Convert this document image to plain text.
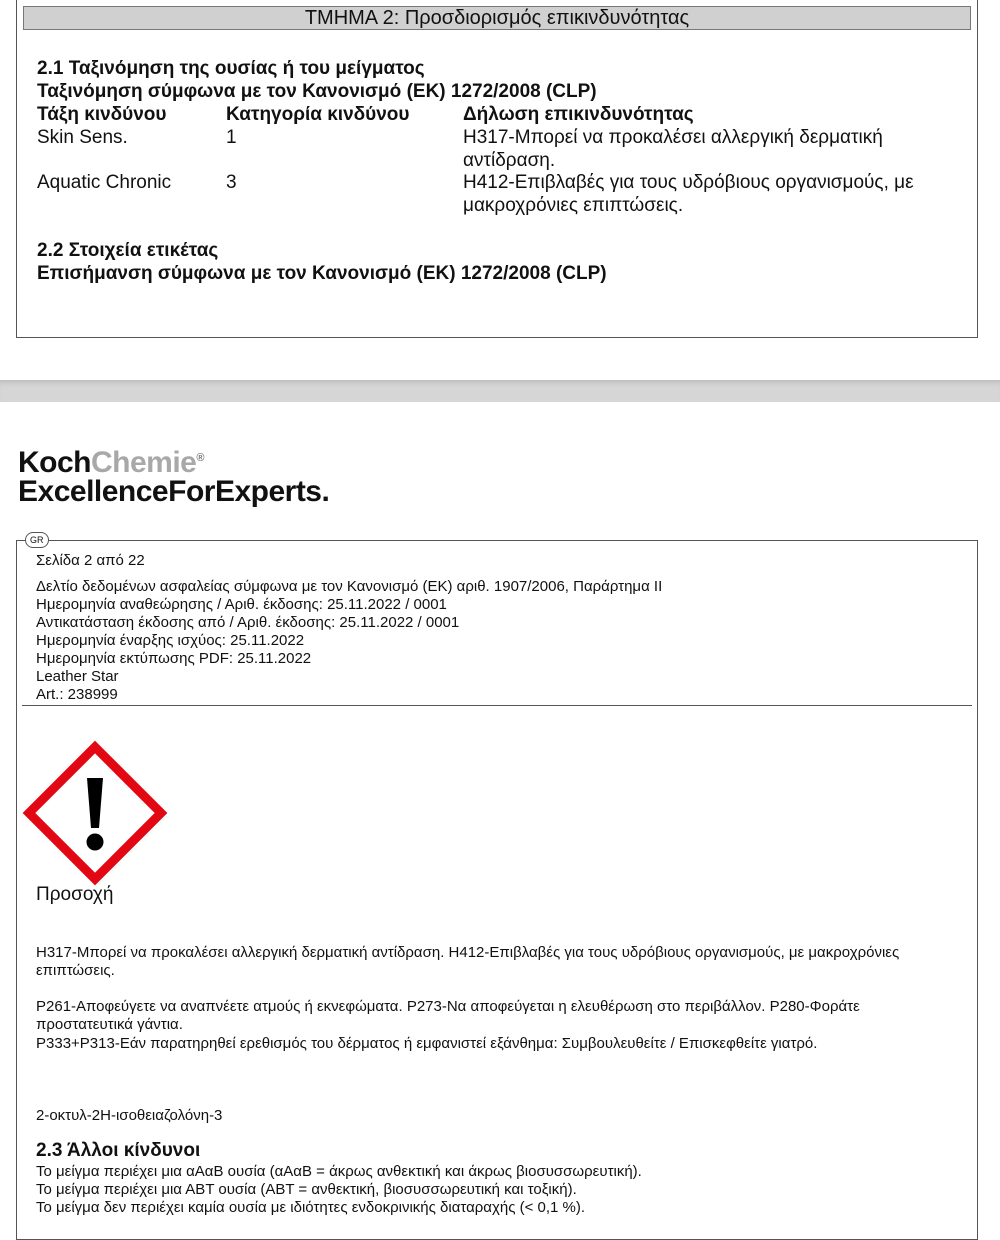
ΤΜΗΜΑ 2: Προσδιορισμός επικινδυνότητας
2.1 Ταξινόμηση της ουσίας ή του μείγματος
Ταξινόμηση σύμφωνα με τον Κανονισμό (ΕΚ) 1272/2008 (CLP)
Τάξη κινδύνου	Κατηγορία κινδύνου	Δήλωση επικινδυνότητας
Skin Sens.	1	H317-Μπορεί να προκαλέσει αλλεργική δερματική
αντίδραση.
Aquatic Chronic	3	H412-Επιβλαβές για τους υδρόβιους οργανισμούς, με
μακροχρόνιες επιπτώσεις.
2.2 Στοιχεία ετικέτας
Επισήμανση σύμφωνα με τον Κανονισμό (ΕΚ) 1272/2008 (CLP)
KochChemie®
ExcellenceForExperts.
GR
Σελίδα 2 από 22
Δελτίο δεδομένων ασφαλείας σύμφωνα με τον Κανονισμό (ΕΚ) αριθ. 1907/2006, Παράρτημα II
Ημερομηνία αναθεώρησης / Αριθ. έκδοσης: 25.11.2022 / 0001
Αντικατάσταση έκδοσης από / Αριθ. έκδοσης: 25.11.2022 / 0001
Ημερομηνία έναρξης ισχύος: 25.11.2022
Ημερομηνία εκτύπωσης PDF: 25.11.2022
Leather Star
Art.: 238999
Προσοχή
H317-Μπορεί να προκαλέσει αλλεργική δερματική αντίδραση. H412-Επιβλαβές για τους υδρόβιους οργανισμούς, με μακροχρόνιες
επιπτώσεις.
P261-Αποφεύγετε να αναπνέετε ατμούς ή εκνεφώματα. P273-Να αποφεύγεται η ελευθέρωση στο περιβάλλον. P280-Φοράτε
προστατευτικά γάντια.
P333+P313-Εάν παρατηρηθεί ερεθισμός του δέρματος ή εμφανιστεί εξάνθημα: Συμβουλευθείτε / Επισκεφθείτε γιατρό.
2-οκτυλ-2Η-ισοθειαζολόνη-3
2.3 Άλλοι κίνδυνοι
Το μείγμα περιέχει μια αΑαΒ ουσία (αΑαΒ = άκρως ανθεκτική και άκρως βιοσυσσωρευτική).
Το μείγμα περιέχει μια ΑΒΤ ουσία (ΑΒΤ = ανθεκτική, βιοσυσσωρευτική και τοξική).
Το μείγμα δεν περιέχει καμία ουσία με ιδιότητες ενδοκρινικής διαταραχής (< 0,1 %).
